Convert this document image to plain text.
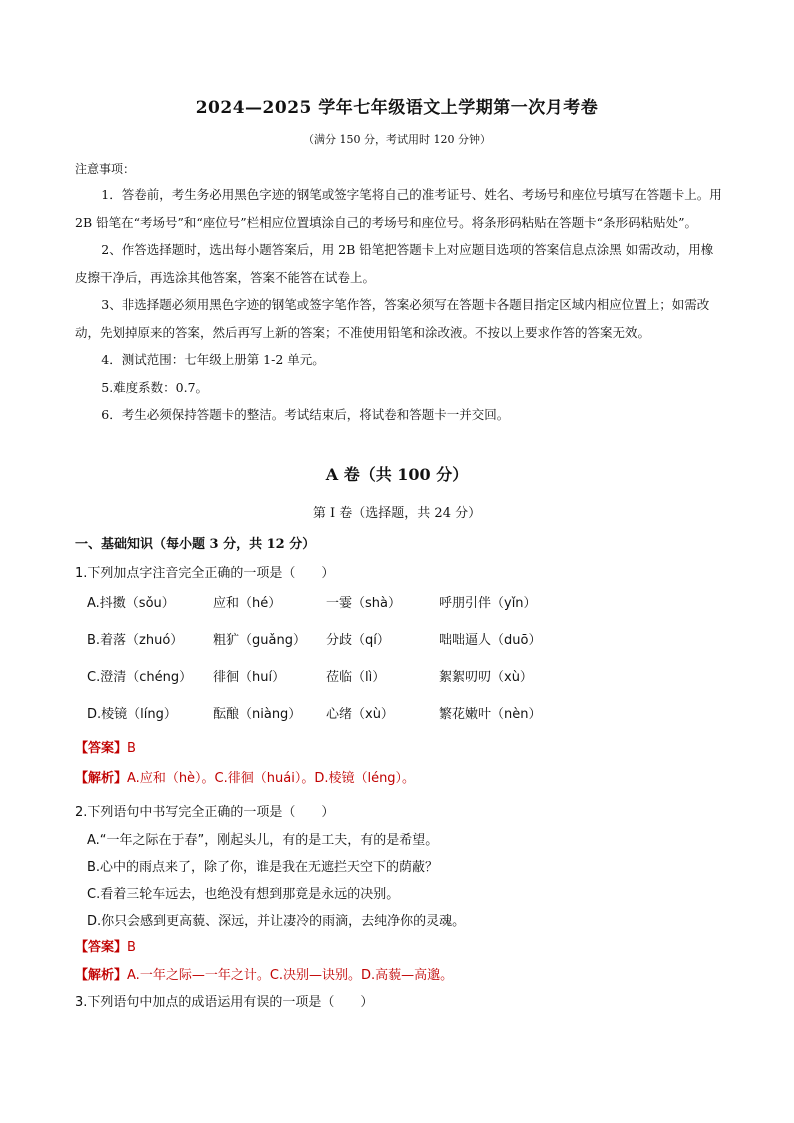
2024—2025 学年七年级语文上学期第一次月考卷
（满分 150 分，考试用时 120 分钟）
注意事项：

1．答卷前，考生务必用黑色字迹的钢笔或签字笔将自己的准考证号、姓名、考场号和座位号填写在答题卡上。用 2B 铅笔在“考场号”和“座位号”栏相应位置填涂自己的考场号和座位号。将条形码粘贴在答题卡“条形码粘贴处”。

2、作答选择题时，选出每小题答案后，用 2B 铅笔把答题卡上对应题目选项的答案信息点涂黑 如需改动，用橡皮擦干净后，再选涂其他答案，答案不能答在试卷上。

3、非选择题必须用黑色字迹的钢笔或签字笔作答，答案必须写在答题卡各题目指定区域内相应位置上；如需改动，先划掉原来的答案，然后再写上新的答案；不准使用铅笔和涂改液。不按以上要求作答的答案无效。

4．测试范围：七年级上册第 1-2 单元。

5.难度系数：0.7。

6．考生必须保持答题卡的整洁。考试结束后，将试卷和答题卡一并交回。

A 卷（共 100 分）
第 I 卷（选择题，共 24 分）
一、基础知识（每小题 3 分，共 12 分）
1.下列加点字注音完全正确的一项是（　　）
A.抖擞（sǒu）	应和（hé）	一霎（shà）	呼朋引伴（yǐn）
B.着落（zhuó） 粗犷（guǎng） 分歧（qí）	咄咄逼人（duō）
C.澄清（chéng） 徘徊（huí）	莅临（lì）	絮絮叨叨（xù）
D.棱镜（líng）	酝酿（niàng） 心绪（xù）	繁花嫩叶（nèn）
【答案】B
【解析】A.应和（hè）。C.徘徊（huái）。D.棱镜（léng）。
2.下列语句中书写完全正确的一项是（　　）
A.“一年之际在于春”，刚起头儿，有的是工夫，有的是希望。
B.心中的雨点来了，除了你，谁是我在无遮拦天空下的荫蔽？
C.看着三轮车远去，也绝没有想到那竟是永远的决别。
D.你只会感到更高藐、深远，并让凄冷的雨滴，去纯净你的灵魂。
【答案】B
【解析】A.一年之际—一年之计。C.决别—诀别。D.高藐—高邈。
3.下列语句中加点的成语运用有误的一项是（　　）
